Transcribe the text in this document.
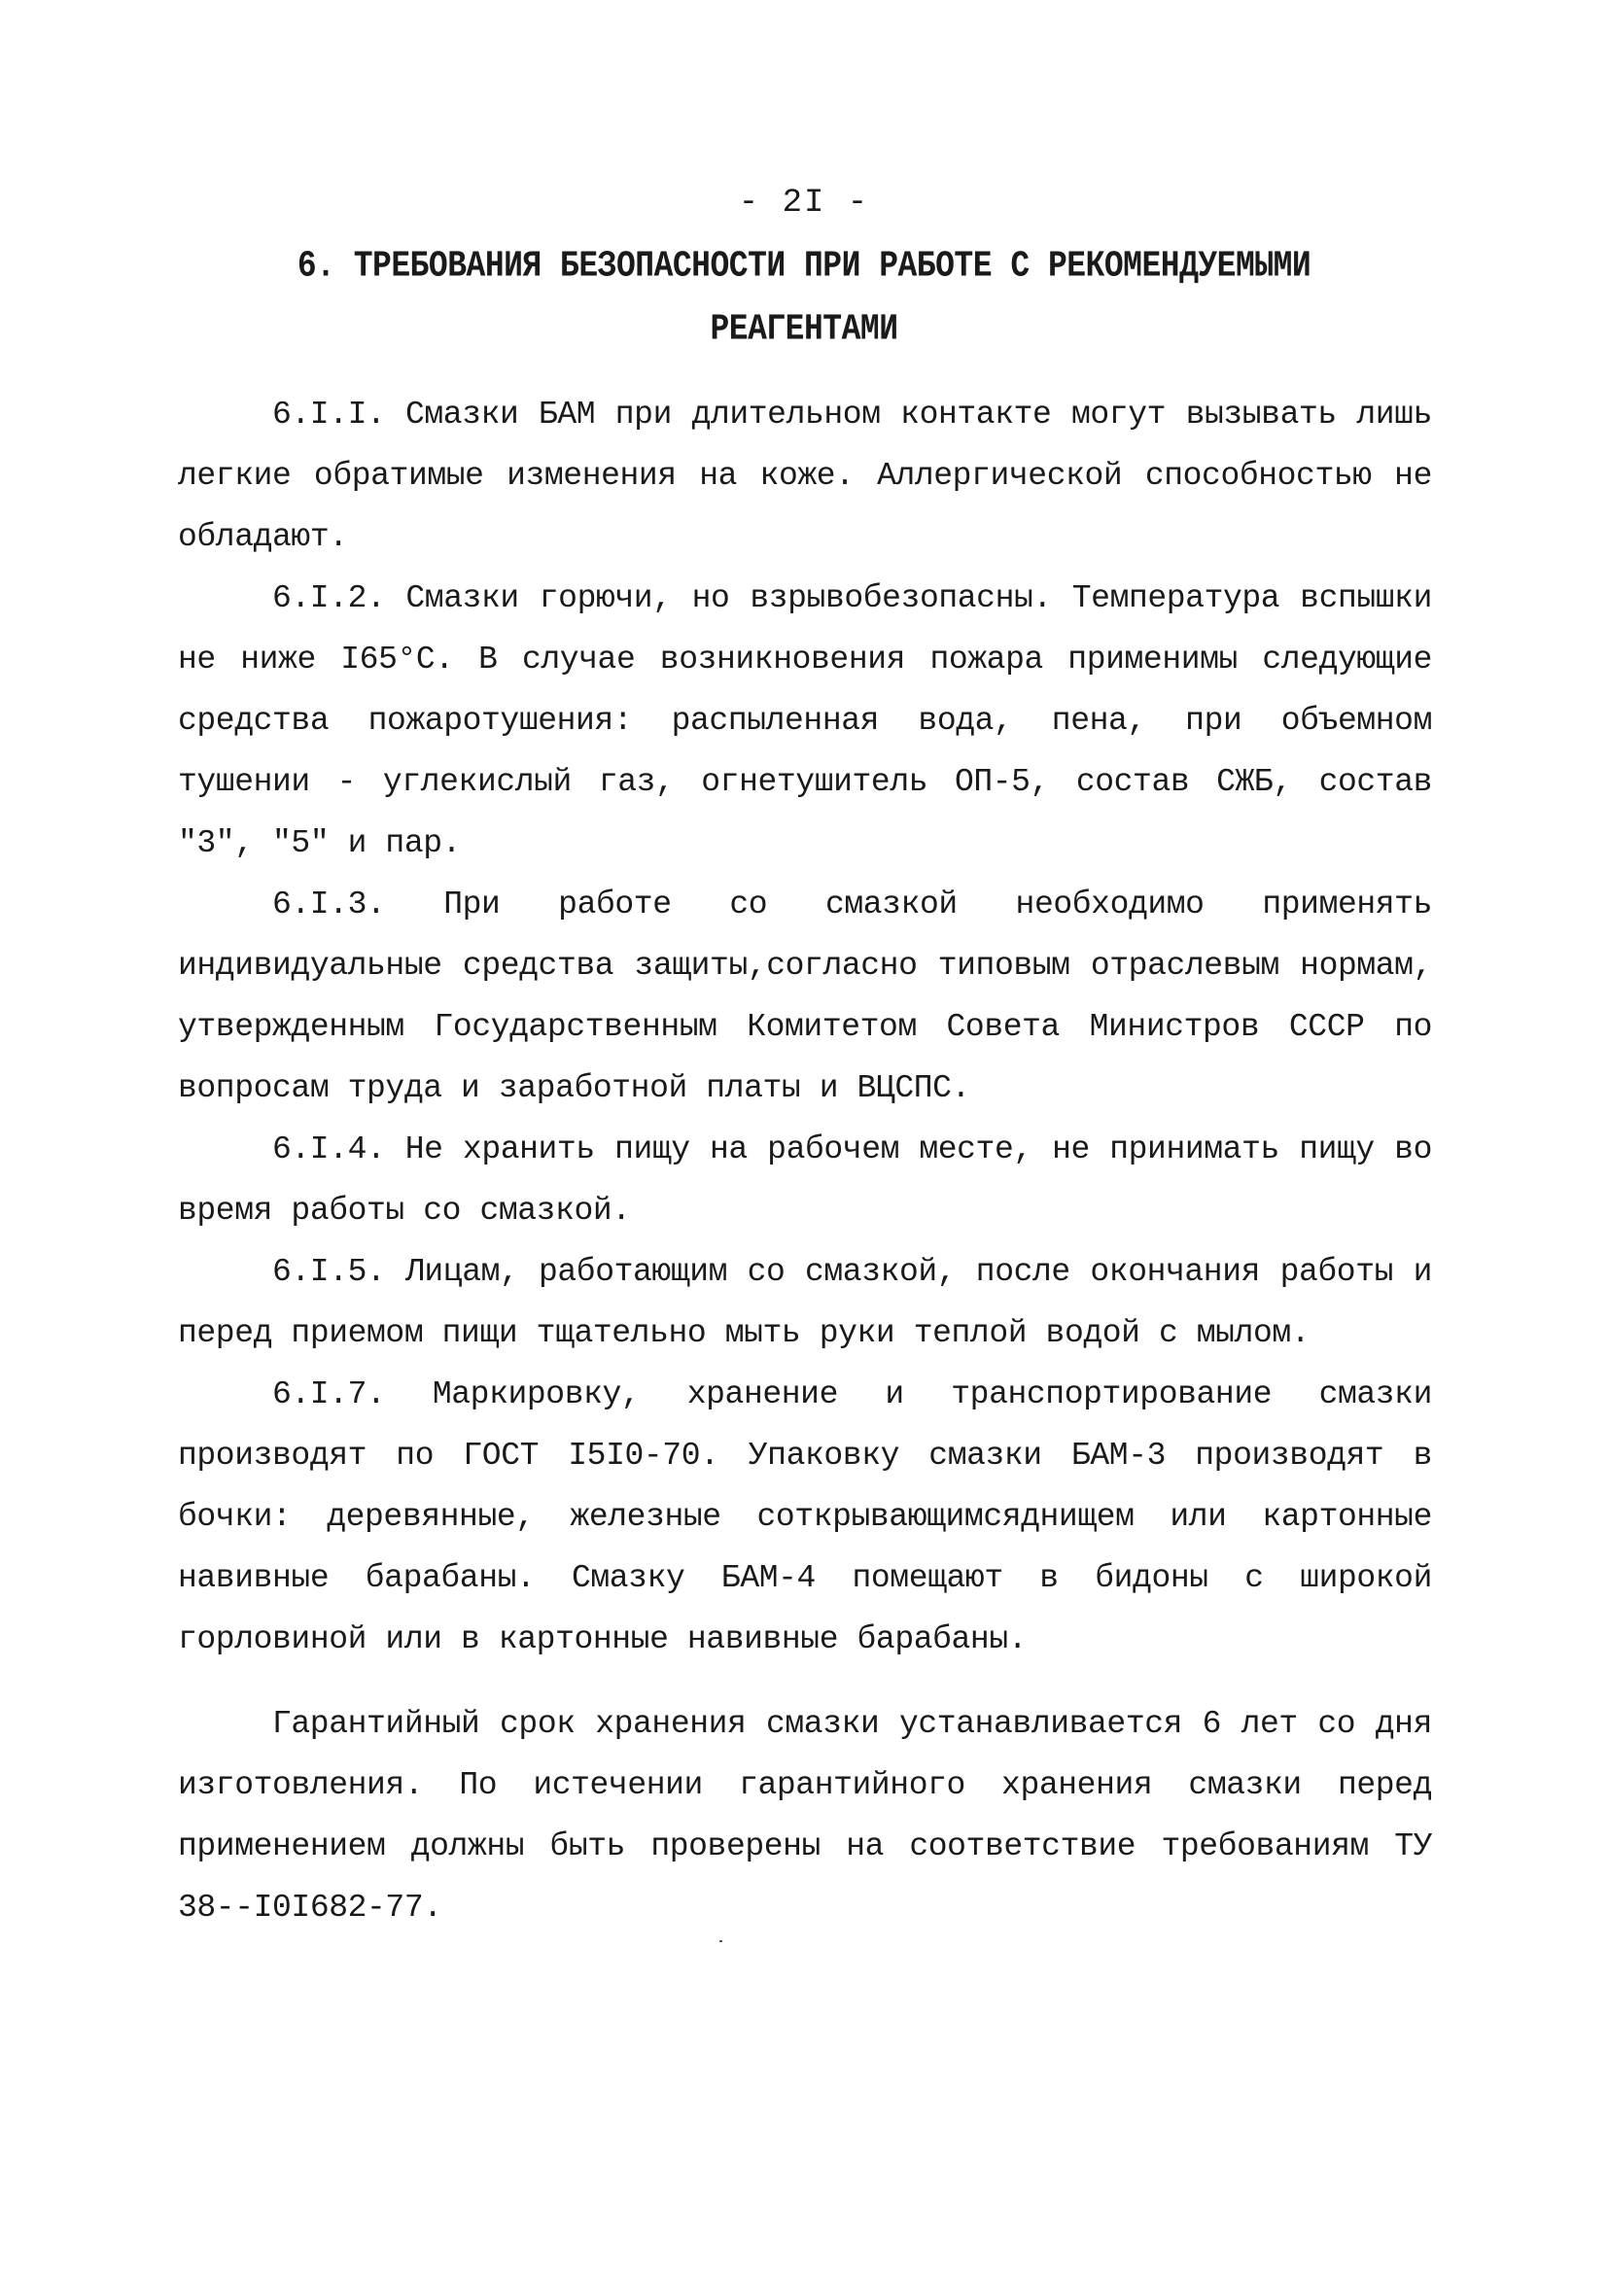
- 2I -
6. ТРЕБОВАНИЯ БЕЗОПАСНОСТИ ПРИ РАБОТЕ С РЕКОМЕНДУЕМЫМИ
РЕАГЕНТАМИ

6.I.I. Смазки БАМ при длительном контакте могут вызывать лишь легкие обратимые изменения на коже. Аллергической способностью не обладают.

6.I.2. Смазки горючи, но взрывобезопасны. Температура вспышки не ниже I65°С. В случае возникновения пожара применимы следующие средства пожаротушения: распыленная вода, пена, при объемном тушении - углекислый газ, огнетушитель ОП-5, состав СЖБ, состав "3", "5" и пар.

6.I.3. При работе со смазкой необходимо применять индивидуальные средства защиты,согласно типовым отраслевым нормам, утвержденным Государственным Комитетом Совета Министров СССР по вопросам труда и заработной платы и ВЦСПС.

6.I.4. Не хранить пищу на рабочем месте, не принимать пищу во время работы со смазкой.

6.I.5. Лицам, работающим со смазкой, после окончания работы и перед приемом пищи тщательно мыть руки теплой водой с мылом.

6.I.7. Маркировку, хранение и транспортирование смазки производят по ГОСТ I5I0-70. Упаковку смазки БАМ-3 производят в бочки: деревянные, железные соткрывающимсяднищем или картонные навивные барабаны. Смазку БАМ-4 помещают в бидоны с широкой горловиной или в картонные навивные барабаны.

Гарантийный срок хранения смазки устанавливается 6 лет со дня изготовления. По истечении гарантийного хранения смазки перед применением должны быть проверены на соответствие требованиям ТУ 38--I0I682-77.
